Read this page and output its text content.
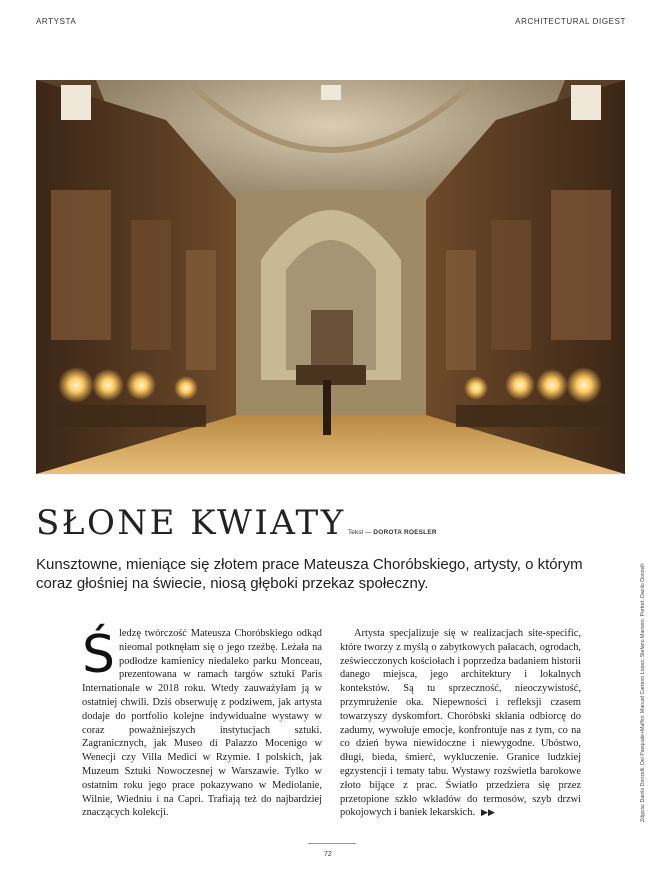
ARTYSTA	ARCHITECTURAL DIGEST
SŁONE KWIATY Tekst — DOROTA ROESLER

Kunsztowne, mieniące się złotem prace Mateusza Choróbskiego, artysty, o którym coraz głośniej na świecie, niosą głęboki przekaz społeczny.

Śledzę twórczość Mateusza Choróbskiego odkąd nieomal potknęłam się o jego rzeźbę. Leżała na podłodze kamienicy niedaleko parku Monceau, prezentowana w ramach targów sztuki Paris Internationale w 2018 roku. Wtedy zauważyłam ją w ostatniej chwili. Dziś obserwuję z podziwem, jak artysta dodaje do portfolio kolejne indywidualne wystawy w coraz poważniejszych instytucjach sztuki. Zagranicznych, jak Museo di Palazzo Mocenigo w Wenecji czy Villa Medici w Rzymie. I polskich, jak Muzeum Sztuki Nowoczesnej w Warszawie. Tylko w ostatnim roku jego prace pokazywano w Mediolanie, Wilnie, Wiedniu i na Capri. Trafiają też do najbardziej znaczących kolekcji.
Artysta specjalizuje się w realizacjach site-specific, które tworzy z myślą o zabytkowych pałacach, ogrodach, zeświecczonych kościołach i poprzedza badaniem historii danego miejsca, jego architektury i lokalnych kontekstów. Są tu sprzeczność, nieoczywistość, przymrużenie oka. Niepewności i refleksji czasem towarzyszy dyskomfort. Choróbski skłania odbiorcę do zadumy, wywołuje emocje, konfrontuje nas z tym, co na co dzień bywa niewidoczne i niewygodne. Ubóstwo, długi, bieda, śmierć, wykluczenie. Granice ludzkiej egzystencji i tematy tabu. Wystawy rozświetla barokowe złoto bijące z prac. Światło przedziera się przez przetopione szkło wkładów do termosów, szyb drzwi pokojowych i baniek lekarskich. ▶▶	Zdjęcia: Danilo Donzelli; Dei Pasquale+Maffini; Manuel Carreon Lopez; Stefano Maniero. Portret: Danilo Donzelli
72
